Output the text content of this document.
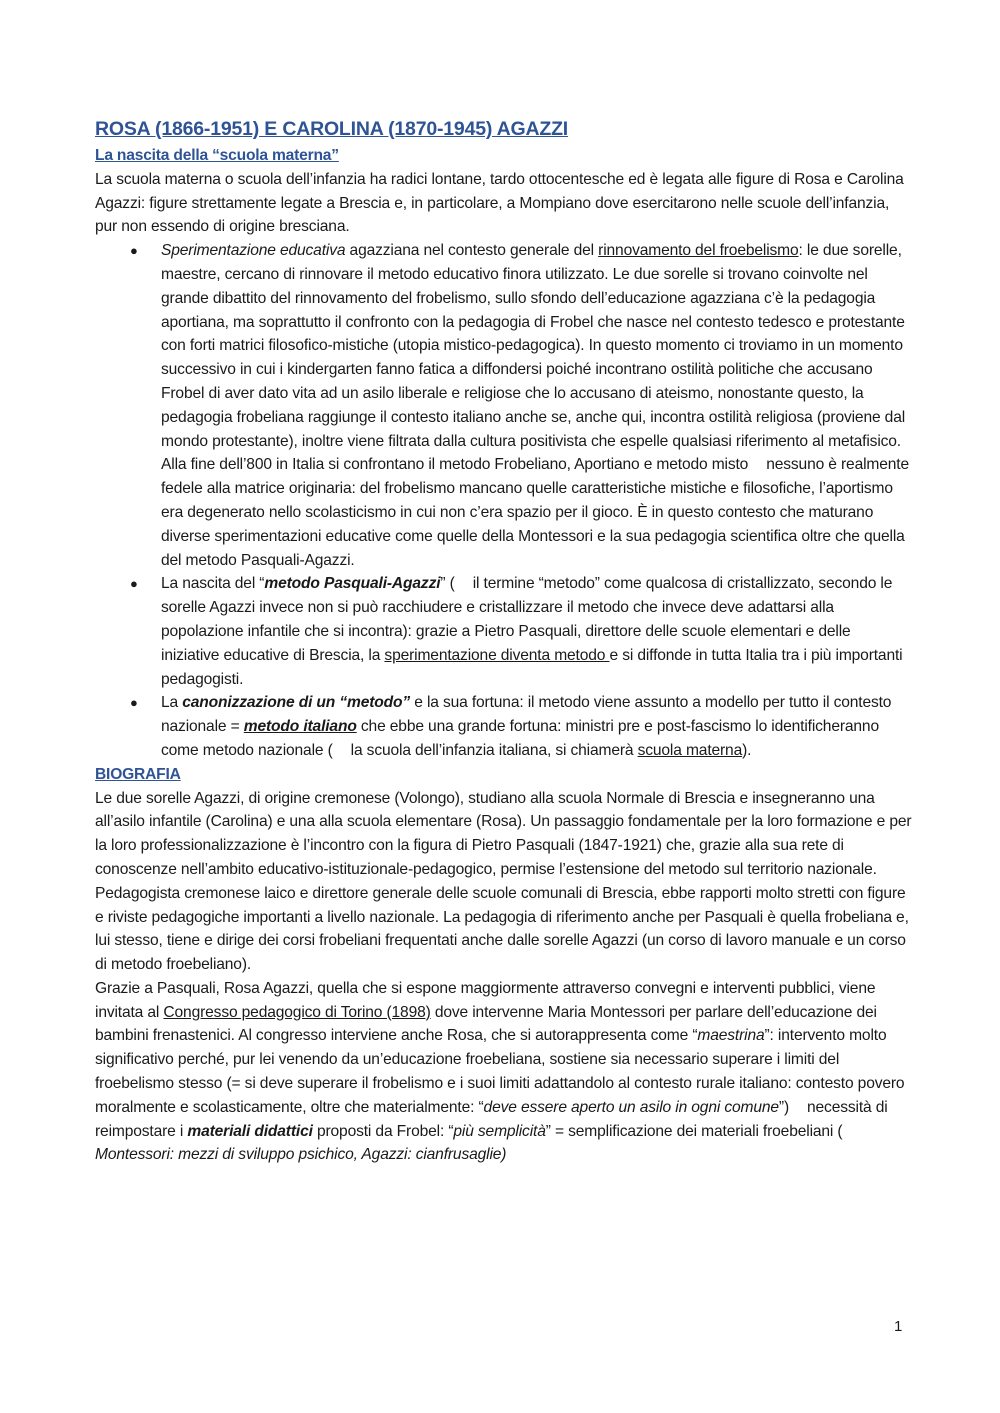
ROSA (1866-1951) E CAROLINA (1870-1945) AGAZZI
La nascita della “scuola materna”

La scuola materna o scuola dell’infanzia ha radici lontane, tardo ottocentesche ed è legata alle figure di Rosa e Carolina Agazzi: figure strettamente legate a Brescia e, in particolare, a Mompiano dove esercitarono nelle scuole dell’infanzia, pur non essendo di origine bresciana.

● Sperimentazione educativa agazziana nel contesto generale del rinnovamento del froebelismo: le due sorelle, maestre, cercano di rinnovare il metodo educativo finora utilizzato. Le due sorelle si trovano coinvolte nel grande dibattito del rinnovamento del frobelismo, sullo sfondo dell’educazione agazziana c’è la pedagogia aportiana, ma soprattutto il confronto con la pedagogia di Frobel che nasce nel contesto tedesco e protestante con forti matrici filosofico-mistiche (utopia mistico-pedagogica). In questo momento ci troviamo in un momento successivo in cui i kindergarten fanno fatica a diffondersi poiché incontrano ostilità politiche che accusano Frobel di aver dato vita ad un asilo liberale e religiose che lo accusano di ateismo, nonostante questo, la pedagogia frobeliana raggiunge il contesto italiano anche se, anche qui, incontra ostilità religiosa (proviene dal mondo protestante), inoltre viene filtrata dalla cultura positivista che espelle qualsiasi riferimento al metafisico. Alla fine dell’800 in Italia si confrontano il metodo Frobeliano, Aportiano e metodo misto nessuno è realmente fedele alla matrice originaria: del frobelismo mancano quelle caratteristiche mistiche e filosofiche, l’aportismo era degenerato nello scolasticismo in cui non c’era spazio per il gioco. È in questo contesto che maturano diverse sperimentazioni educative come quelle della Montessori e la sua pedagogia scientifica oltre che quella del metodo Pasquali-Agazzi.
● La nascita del “metodo Pasquali-Agazzi” ( il termine “metodo” come qualcosa di cristallizzato, secondo le sorelle Agazzi invece non si può racchiudere e cristallizzare il metodo che invece deve adattarsi alla popolazione infantile che si incontra): grazie a Pietro Pasquali, direttore delle scuole elementari e delle iniziative educative di Brescia, la sperimentazione diventa metodo e si diffonde in tutta Italia tra i più importanti pedagogisti.
● La canonizzazione di un “metodo” e la sua fortuna: il metodo viene assunto a modello per tutto il contesto nazionale = metodo italiano che ebbe una grande fortuna: ministri pre e post-fascismo lo identificheranno come metodo nazionale ( la scuola dell’infanzia italiana, si chiamerà scuola materna).
BIOGRAFIA

Le due sorelle Agazzi, di origine cremonese (Volongo), studiano alla scuola Normale di Brescia e insegneranno una all’asilo infantile (Carolina) e una alla scuola elementare (Rosa). Un passaggio fondamentale per la loro formazione e per la loro professionalizzazione è l’incontro con la figura di Pietro Pasquali (1847-1921) che, grazie alla sua rete di conoscenze nell’ambito educativo-istituzionale-pedagogico, permise l’estensione del metodo sul territorio nazionale. Pedagogista cremonese laico e direttore generale delle scuole comunali di Brescia, ebbe rapporti molto stretti con figure e riviste pedagogiche importanti a livello nazionale. La pedagogia di riferimento anche per Pasquali è quella frobeliana e, lui stesso, tiene e dirige dei corsi frobeliani frequentati anche dalle sorelle Agazzi (un corso di lavoro manuale e un corso di metodo froebeliano).

Grazie a Pasquali, Rosa Agazzi, quella che si espone maggiormente attraverso convegni e interventi pubblici, viene invitata al Congresso pedagogico di Torino (1898) dove intervenne Maria Montessori per parlare dell’educazione dei bambini frenastenici. Al congresso interviene anche Rosa, che si autorappresenta come “maestrina”: intervento molto significativo perché, pur lei venendo da un’educazione froebeliana, sostiene sia necessario superare i limiti del froebelismo stesso (= si deve superare il frobelismo e i suoi limiti adattandolo al contesto rurale italiano: contesto povero moralmente e scolasticamente, oltre che materialmente: “deve essere aperto un asilo in ogni comune”) necessità di reimpostare i materiali didattici proposti da Frobel: “più semplicità” = semplificazione dei materiali froebeliani (Montessori: mezzi di sviluppo psichico, Agazzi: cianfrusaglie)

1
